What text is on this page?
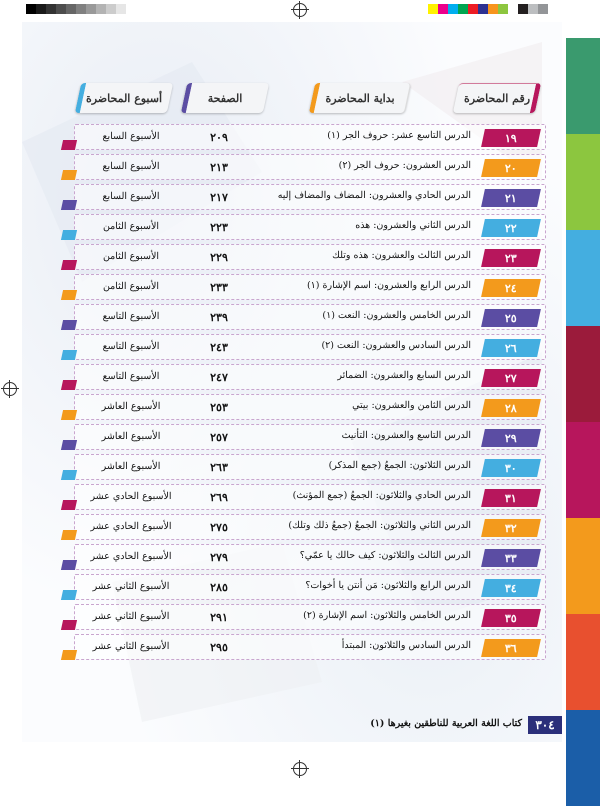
رقم المحاضرة
بداية المحاضرة
الصفحة
أسبوع المحاضرة
١٩
الدرس التاسع عشر: حروف الجر (١)
٢٠٩
الأسبوع السابع
٢٠
الدرس العشرون: حروف الجر (٢)
٢١٣
الأسبوع السابع
٢١
الدرس الحادي والعشرون: المضاف والمضاف إليه
٢١٧
الأسبوع السابع
٢٢
الدرس الثاني والعشرون: هذه
٢٢٣
الأسبوع الثامن
٢٣
الدرس الثالث والعشرون: هذه وتلك
٢٢٩
الأسبوع الثامن
٢٤
الدرس الرابع والعشرون: اسم الإشارة (١)
٢٣٣
الأسبوع الثامن
٢٥
الدرس الخامس والعشرون: النعت (١)
٢٣٩
الأسبوع التاسع
٢٦
الدرس السادس والعشرون: النعت (٢)
٢٤٣
الأسبوع التاسع
٢٧
الدرس السابع والعشرون: الضمائر
٢٤٧
الأسبوع التاسع
٢٨
الدرس الثامن والعشرون: بيتي
٢٥٣
الأسبوع العاشر
٢٩
الدرس التاسع والعشرون: التأنيث
٢٥٧
الأسبوع العاشر
٣٠
الدرس الثلاثون: الجمعُ (جمع المذكر)
٢٦٣
الأسبوع العاشر
٣١
الدرس الحادي والثلاثون: الجمعُ (جمع المؤنث)
٢٦٩
الأسبوع الحادي عشر
٣٢
الدرس الثاني والثلاثون: الجمعُ (جمعُ ذلك وتلك)
٢٧٥
الأسبوع الحادي عشر
٣٣
الدرس الثالث والثلاثون: كيف حالك يا عمّي؟
٢٧٩
الأسبوع الحادي عشر
٣٤
الدرس الرابع والثلاثون: مَن أنتن يا أخوات؟
٢٨٥
الأسبوع الثاني عشر
٣٥
الدرس الخامس والثلاثون: اسم الإشارة (٢)
٢٩١
الأسبوع الثاني عشر
٣٦
الدرس السادس والثلاثون: المبتدأ
٢٩٥
الأسبوع الثاني عشر
٣٠٤
كتاب اللغة العربية للناطقين بغيرها (١)
